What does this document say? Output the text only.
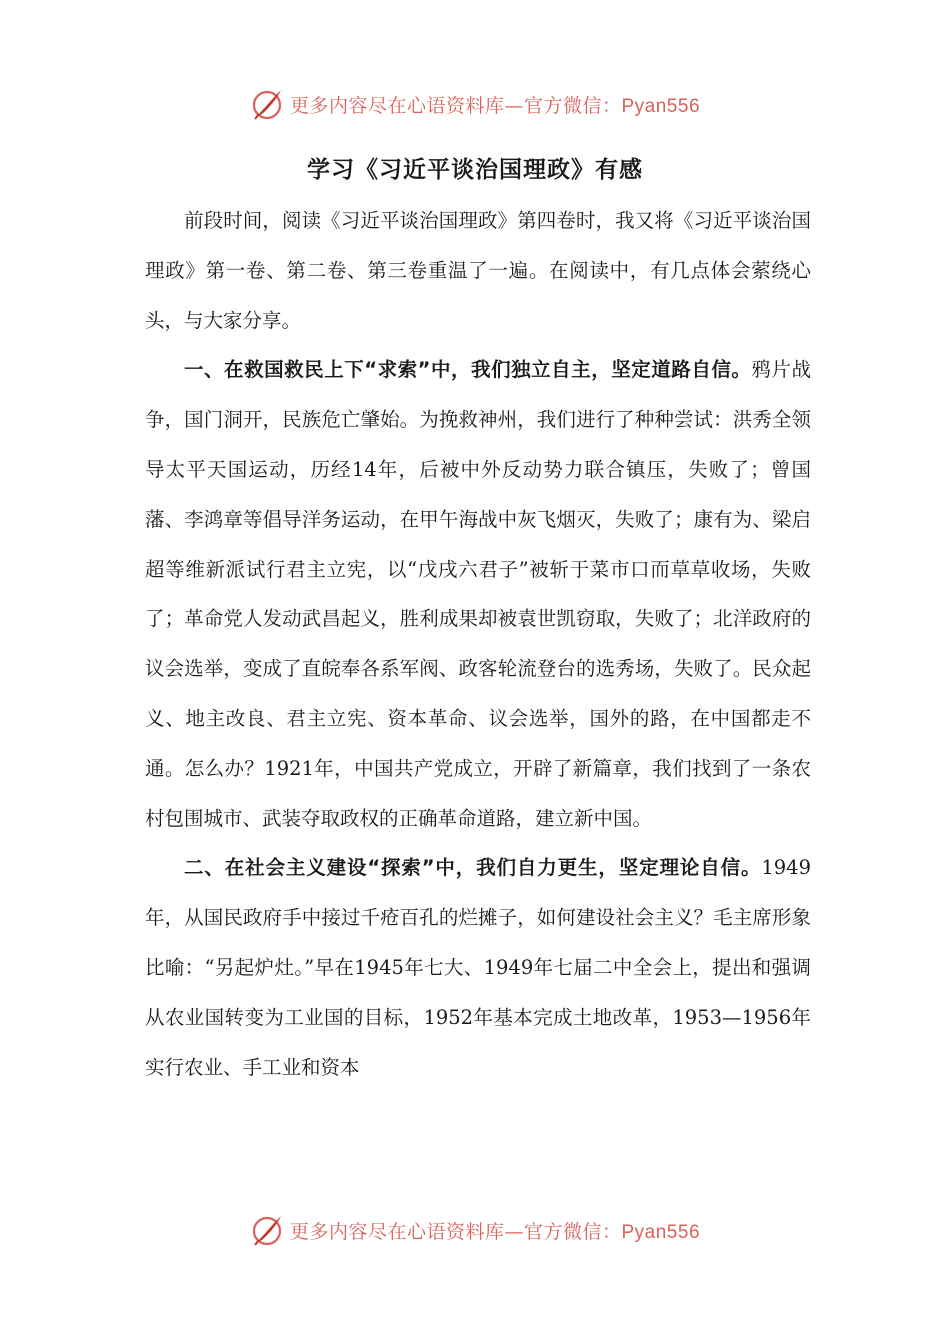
更多内容尽在心语资料库—官方微信：Pyan556
学习《习近平谈治国理政》有感

前段时间，阅读《习近平谈治国理政》第四卷时，我又将《习近平谈治国理政》第一卷、第二卷、第三卷重温了一遍。在阅读中，有几点体会萦绕心头，与大家分享。

一、在救国救民上下“求索”中，我们独立自主，坚定道路自信。鸦片战争，国门洞开，民族危亡肇始。为挽救神州，我们进行了种种尝试：洪秀全领导太平天国运动，历经14年，后被中外反动势力联合镇压，失败了；曾国藩、李鸿章等倡导洋务运动，在甲午海战中灰飞烟灭，失败了；康有为、梁启超等维新派试行君主立宪，以“戊戌六君子”被斩于菜市口而草草收场，失败了；革命党人发动武昌起义，胜利成果却被袁世凯窃取，失败了；北洋政府的议会选举，变成了直皖奉各系军阀、政客轮流登台的选秀场，失败了。民众起义、地主改良、君主立宪、资本革命、议会选举，国外的路，在中国都走不通。怎么办？1921年，中国共产党成立，开辟了新篇章，我们找到了一条农村包围城市、武装夺取政权的正确革命道路，建立新中国。

二、在社会主义建设“探索”中，我们自力更生，坚定理论自信。1949年，从国民政府手中接过千疮百孔的烂摊子，如何建设社会主义？毛主席形象比喻：“另起炉灶。”早在1945年七大、1949年七届二中全会上，提出和强调从农业国转变为工业国的目标，1952年基本完成土地改革，1953—1956年实行农业、手工业和资本

更多内容尽在心语资料库—官方微信：Pyan556
